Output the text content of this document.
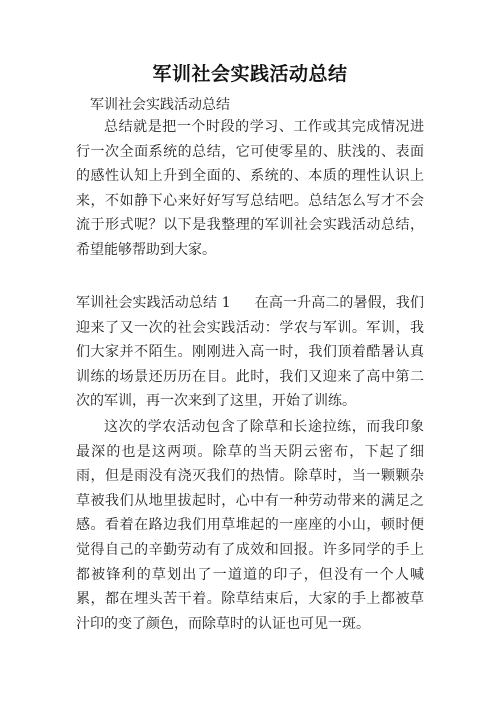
军训社会实践活动总结
军训社会实践活动总结
总结就是把一个时段的学习、工作或其完成情况进行一次全面系统的总结，它可使零星的、肤浅的、表面的感性认知上升到全面的、系统的、本质的理性认识上来，不如静下心来好好写写总结吧。总结怎么写才不会流于形式呢？以下是我整理的军训社会实践活动总结，希望能够帮助到大家。
军训社会实践活动总结 1 在高一升高二的暑假，我们迎来了又一次的社会实践活动：学农与军训。军训，我们大家并不陌生。刚刚进入高一时，我们顶着酷暑认真训练的场景还历历在目。此时，我们又迎来了高中第二次的军训，再一次来到了这里，开始了训练。
这次的学农活动包含了除草和长途拉练，而我印象最深的也是这两项。除草的当天阴云密布，下起了细雨，但是雨没有浇灭我们的热情。除草时，当一颗颗杂草被我们从地里拔起时，心中有一种劳动带来的满足之感。看着在路边我们用草堆起的一座座的小山，顿时便觉得自己的辛勤劳动有了成效和回报。许多同学的手上都被锋利的草划出了一道道的印子，但没有一个人喊累，都在埋头苦干着。除草结束后，大家的手上都被草汁印的变了颜色，而除草时的认证也可见一斑。
